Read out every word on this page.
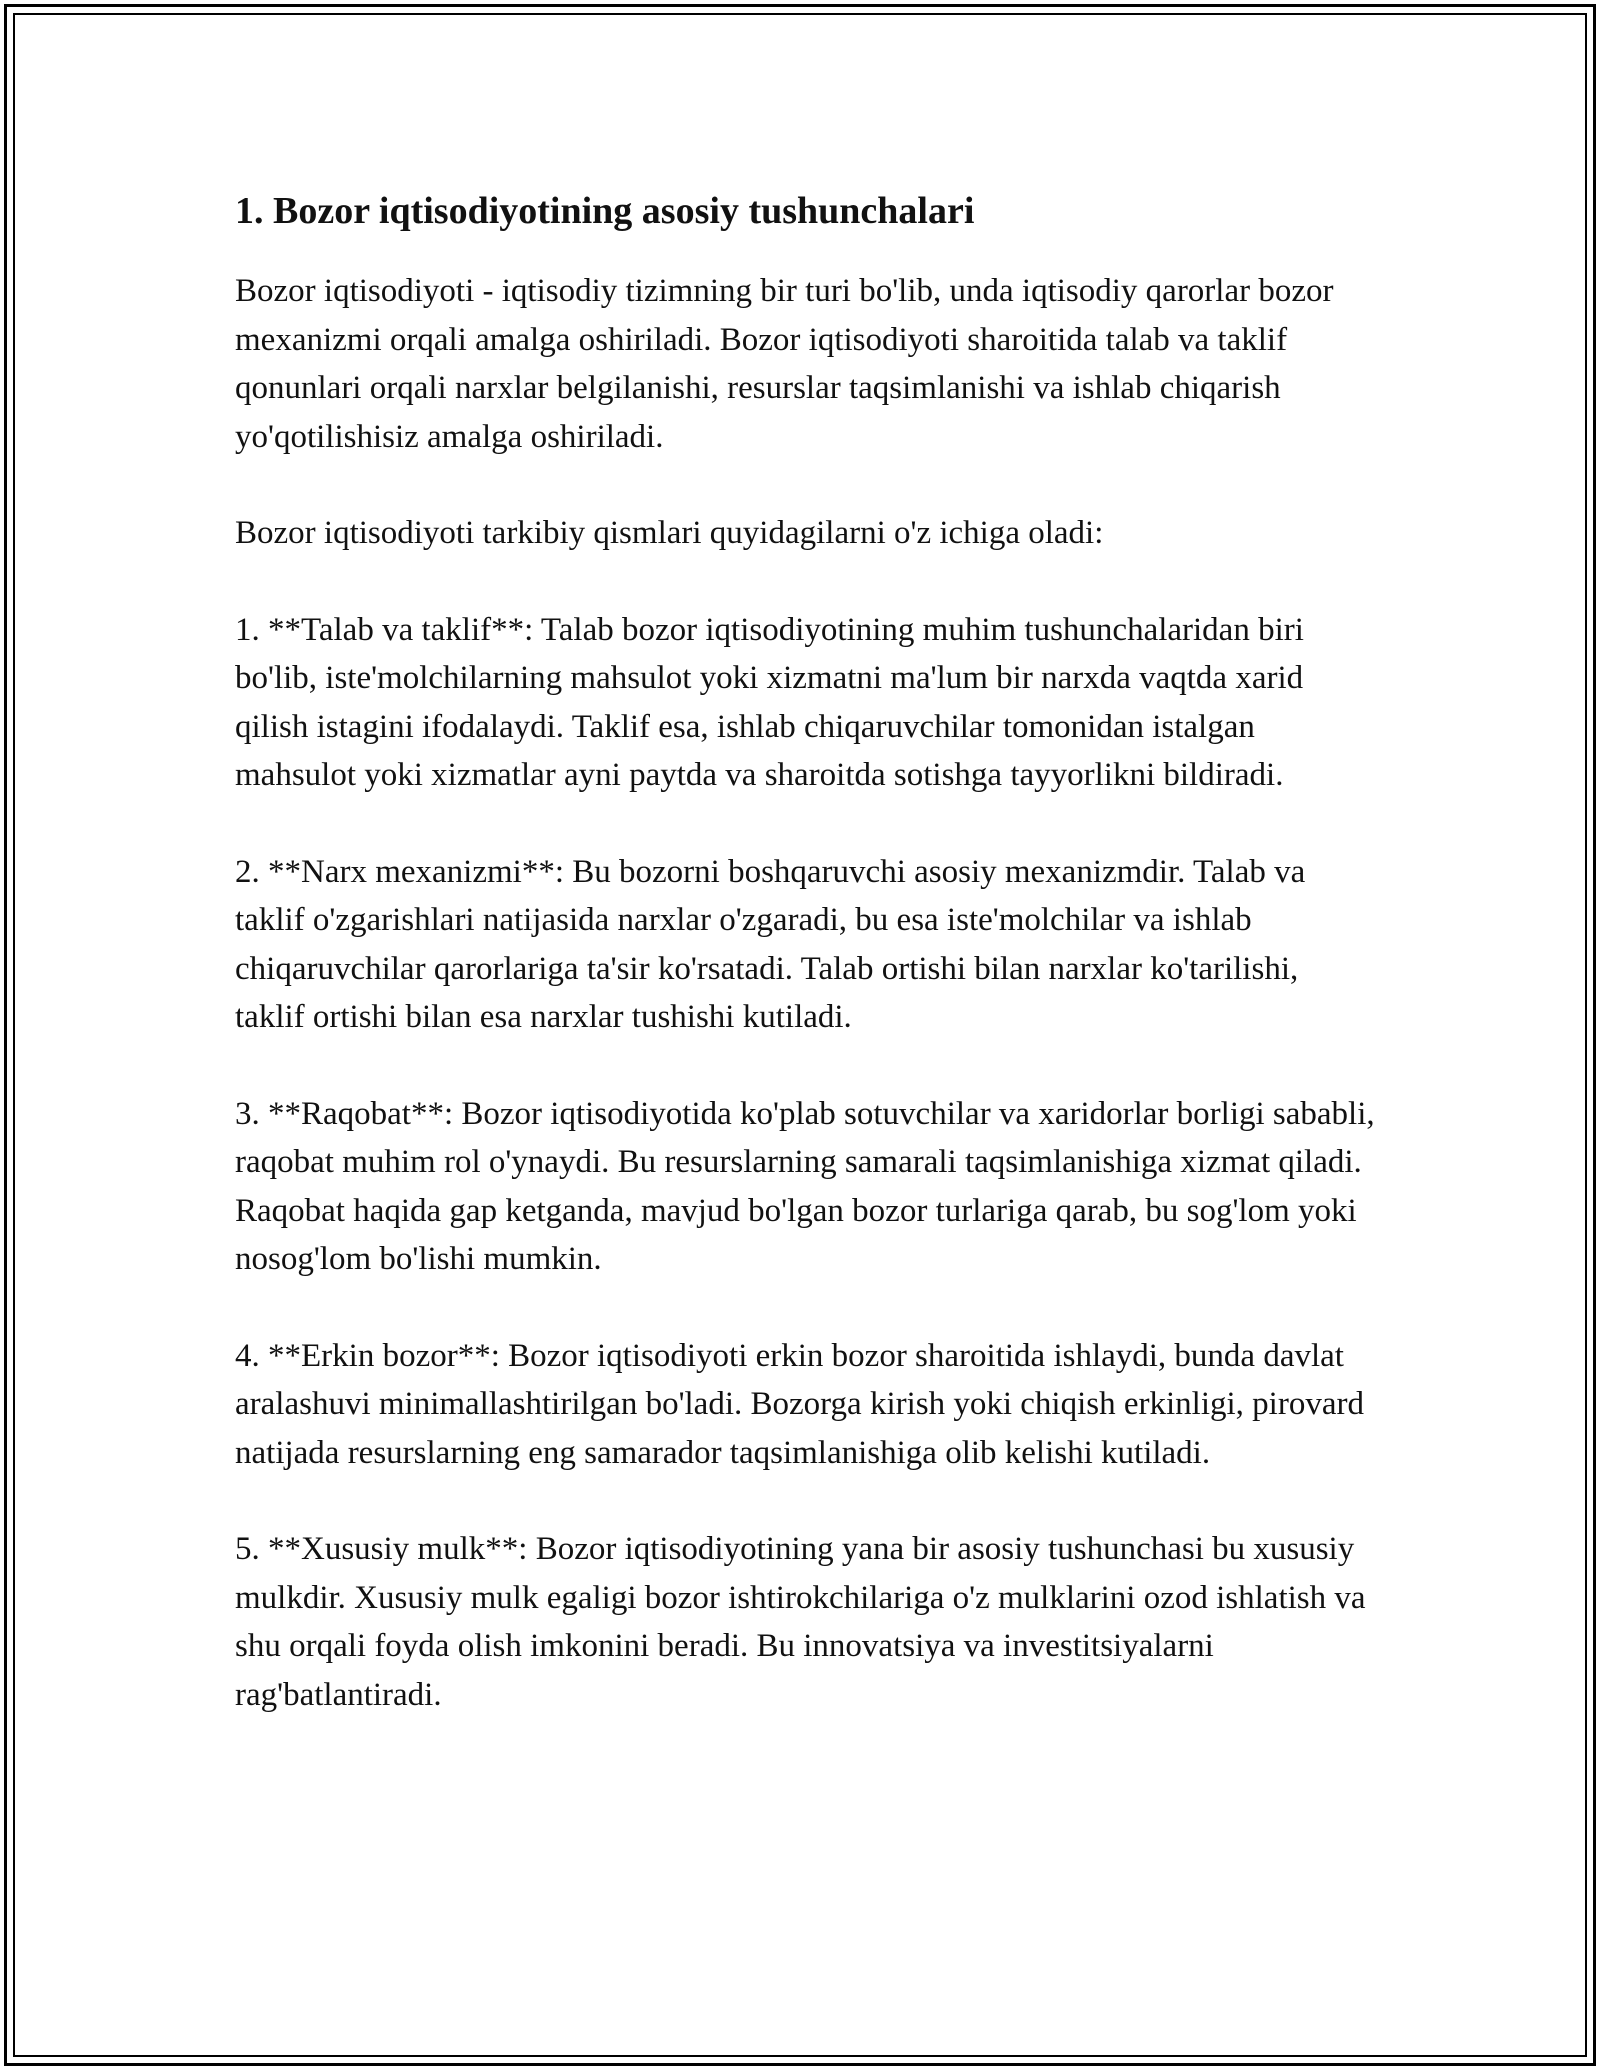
1. Bozor iqtisodiyotining asosiy tushunchalari

Bozor iqtisodiyoti - iqtisodiy tizimning bir turi bo'lib, unda iqtisodiy qarorlar bozor mexanizmi orqali amalga oshiriladi. Bozor iqtisodiyoti sharoitida talab va taklif qonunlari orqali narxlar belgilanishi, resurslar taqsimlanishi va ishlab chiqarish yo'qotilishisiz amalga oshiriladi.

Bozor iqtisodiyoti tarkibiy qismlari quyidagilarni o'z ichiga oladi:

1. **Talab va taklif**: Talab bozor iqtisodiyotining muhim tushunchalaridan biri bo'lib, iste'molchilarning mahsulot yoki xizmatni ma'lum bir narxda vaqtda xarid qilish istagini ifodalaydi. Taklif esa, ishlab chiqaruvchilar tomonidan istalgan mahsulot yoki xizmatlar ayni paytda va sharoitda sotishga tayyorlikni bildiradi.

2. **Narx mexanizmi**: Bu bozorni boshqaruvchi asosiy mexanizmdir. Talab va taklif o'zgarishlari natijasida narxlar o'zgaradi, bu esa iste'molchilar va ishlab chiqaruvchilar qarorlariga ta'sir ko'rsatadi. Talab ortishi bilan narxlar ko'tarilishi, taklif ortishi bilan esa narxlar tushishi kutiladi.

3. **Raqobat**: Bozor iqtisodiyotida ko'plab sotuvchilar va xaridorlar borligi sababli, raqobat muhim rol o'ynaydi. Bu resurslarning samarali taqsimlanishiga xizmat qiladi. Raqobat haqida gap ketganda, mavjud bo'lgan bozor turlariga qarab, bu sog'lom yoki nosog'lom bo'lishi mumkin.

4. **Erkin bozor**: Bozor iqtisodiyoti erkin bozor sharoitida ishlaydi, bunda davlat aralashuvi minimallashtirilgan bo'ladi. Bozorga kirish yoki chiqish erkinligi, pirovard natijada resurslarning eng samarador taqsimlanishiga olib kelishi kutiladi.

5. **Xususiy mulk**: Bozor iqtisodiyotining yana bir asosiy tushunchasi bu xususiy mulkdir. Xususiy mulk egaligi bozor ishtirokchilariga o'z mulklarini ozod ishlatish va shu orqali foyda olish imkonini beradi. Bu innovatsiya va investitsiyalarni rag'batlantiradi.
